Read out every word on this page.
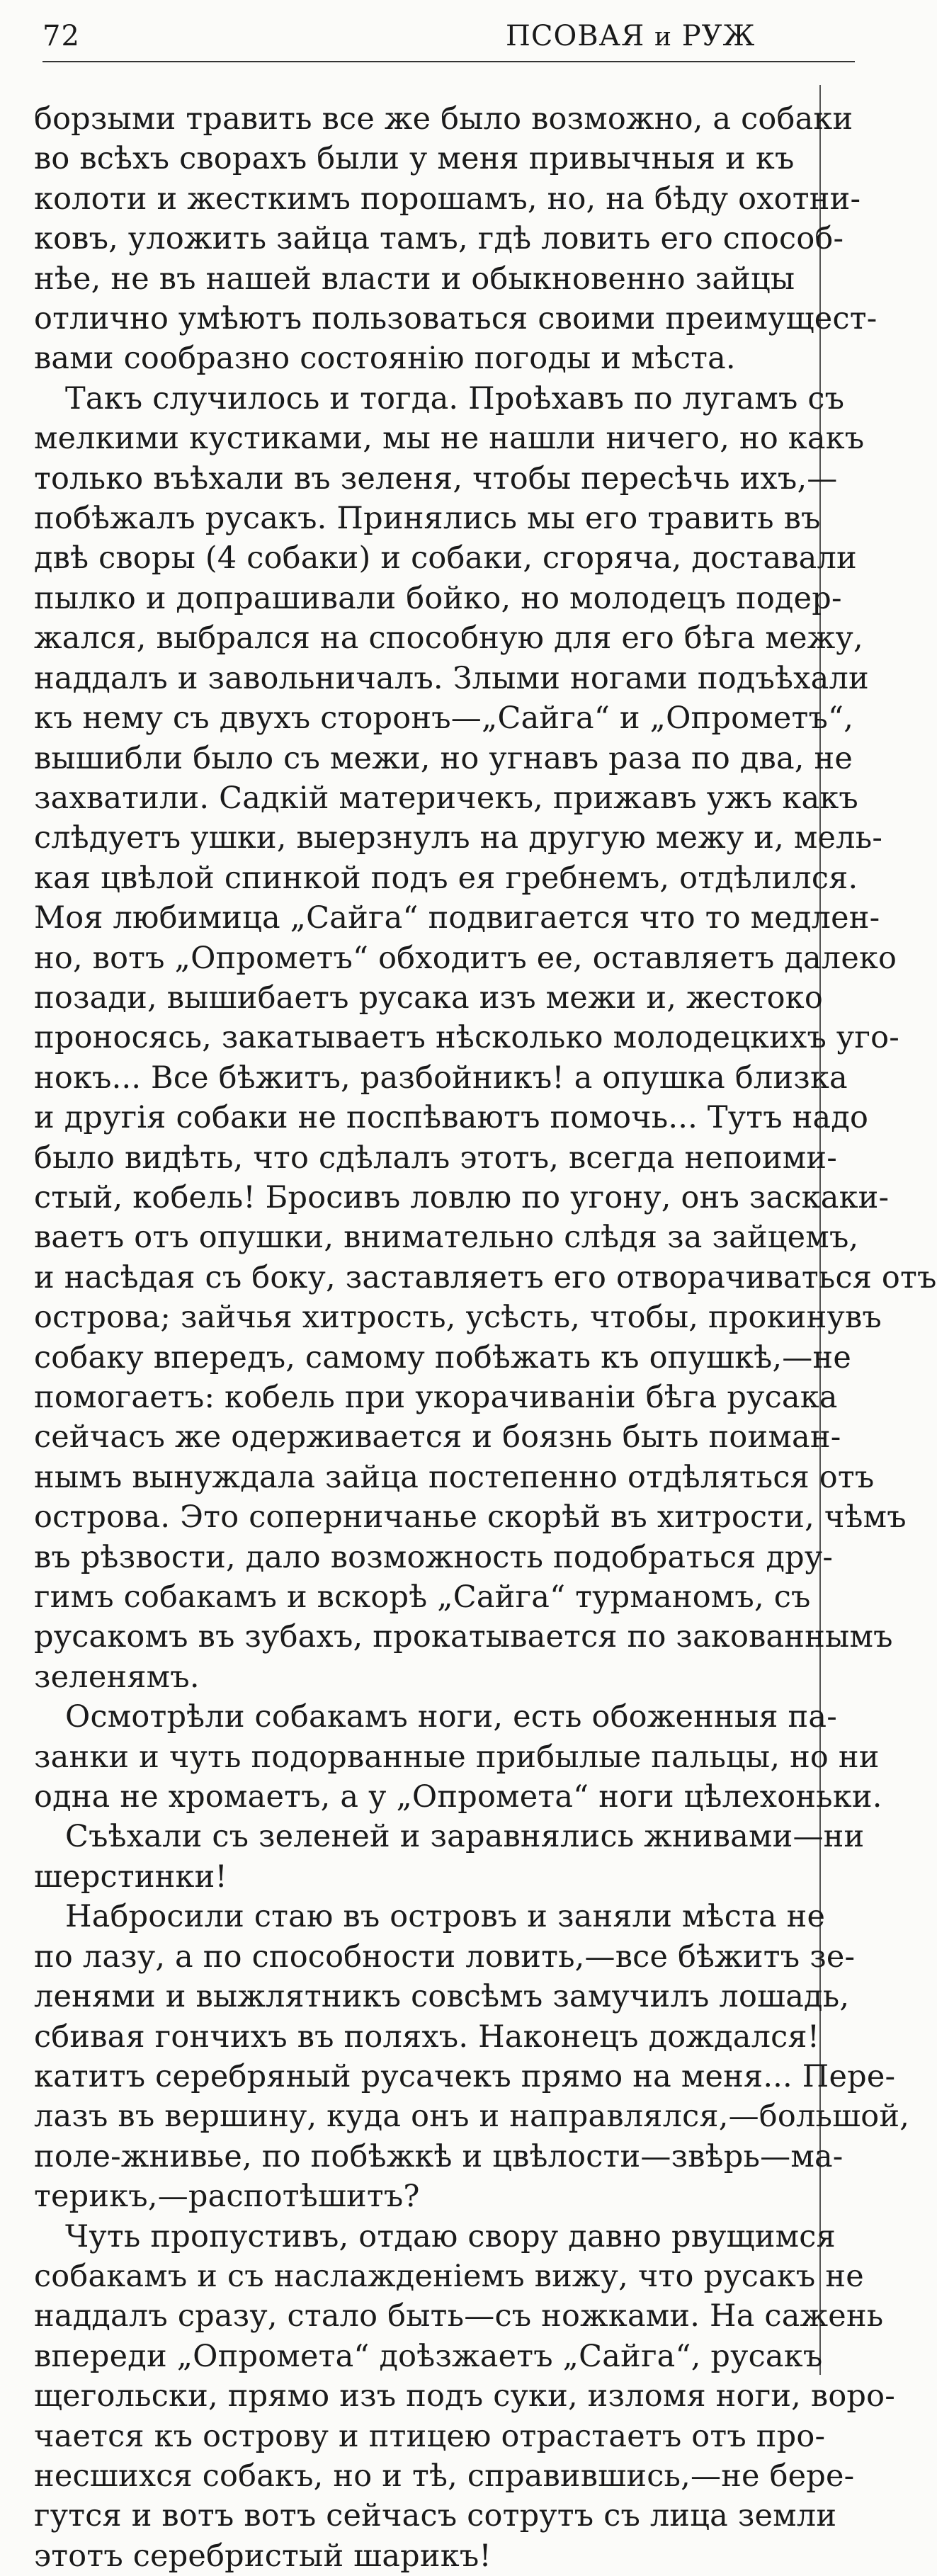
72	ПСОВАЯ и РУЖ

борзыми травить все же было возможно, а собаки
во всѣхъ сворахъ были у меня привычныя и къ
колоти и жесткимъ порошамъ, но, на бѣду охотни-
ковъ, уложить зайца тамъ, гдѣ ловить его способ-
нѣе, не въ нашей власти и обыкновенно зайцы
отлично умѣютъ пользоваться своими преимущест-
вами сообразно состоянію погоды и мѣста.

Такъ случилось и тогда. Проѣхавъ по лугамъ съ
мелкими кустиками, мы не нашли ничего, но какъ
только въѣхали въ зеленя, чтобы пересѣчь ихъ,—
побѣжалъ русакъ. Принялись мы его травить въ
двѣ своры (4 собаки) и собаки, сгоряча, доставали
пылко и допрашивали бойко, но молодецъ подер-
жался, выбрался на способную для его бѣга межу,
наддалъ и завольничалъ. Злыми ногами подъѣхали
къ нему съ двухъ сторонъ—„Сайга“ и „Опрометъ“,
вышибли было съ межи, но угнавъ раза по два, не
захватили. Садкій материчекъ, прижавъ ужъ какъ
слѣдуетъ ушки, выерзнулъ на другую межу и, мель-
кая цвѣлой спинкой подъ ея гребнемъ, отдѣлился.
Моя любимица „Сайга“ подвигается что то медлен-
но, вотъ „Опрометъ“ обходитъ ее, оставляетъ далеко
позади, вышибаетъ русака изъ межи и, жестоко
проносясь, закатываетъ нѣсколько молодецкихъ уго-
нокъ... Все бѣжитъ, разбойникъ! а опушка близка
и другія собаки не поспѣваютъ помочь... Тутъ надо
было видѣть, что сдѣлалъ этотъ, всегда непоими-
стый, кобель! Бросивъ ловлю по угону, онъ заскаки-
ваетъ отъ опушки, внимательно слѣдя за зайцемъ,
и насѣдая съ боку, заставляетъ его отворачиваться отъ
острова; зайчья хитрость, усѣсть, чтобы, прокинувъ
собаку впередъ, самому побѣжать къ опушкѣ,—не
помогаетъ: кобель при укорачиваніи бѣга русака
сейчасъ же одерживается и боязнь быть поиман-
нымъ вынуждала зайца постепенно отдѣляться отъ
острова. Это соперничанье скорѣй въ хитрости, чѣмъ
въ рѣзвости, дало возможность подобраться дру-
гимъ собакамъ и вскорѣ „Сайга“ турманомъ, съ
русакомъ въ зубахъ, прокатывается по закованнымъ
зеленямъ.

Осмотрѣли собакамъ ноги, есть обоженныя па-
занки и чуть подорванные прибылые пальцы, но ни
одна не хромаетъ, а у „Опромета“ ноги цѣлехоньки.

Съѣхали съ зеленей и заравнялись жнивами—ни
шерстинки!

Набросили стаю въ островъ и заняли мѣста не
по лазу, а по способности ловить,—все бѣжитъ зе-
ленями и выжлятникъ совсѣмъ замучилъ лошадь,
сбивая гончихъ въ поляхъ. Наконецъ дождался!
катитъ серебряный русачекъ прямо на меня... Пере-
лазъ въ вершину, куда онъ и направлялся,—большой,
поле-жнивье, по побѣжкѣ и цвѣлости—звѣрь—ма-
терикъ,—распотѣшитъ?

Чуть пропустивъ, отдаю свору давно рвущимся
собакамъ и съ наслажденіемъ вижу, что русакъ не
наддалъ сразу, стало быть—съ ножками. На сажень
впереди „Опромета“ доѣзжаетъ „Сайга“, русакъ
щегольски, прямо изъ подъ суки, изломя ноги, воро-
чается къ острову и птицею отрастаетъ отъ про-
несшихся собакъ, но и тѣ, справившись,—не бере-
гутся и вотъ вотъ сейчасъ сотрутъ съ лица земли
этотъ серебристый шарикъ!
